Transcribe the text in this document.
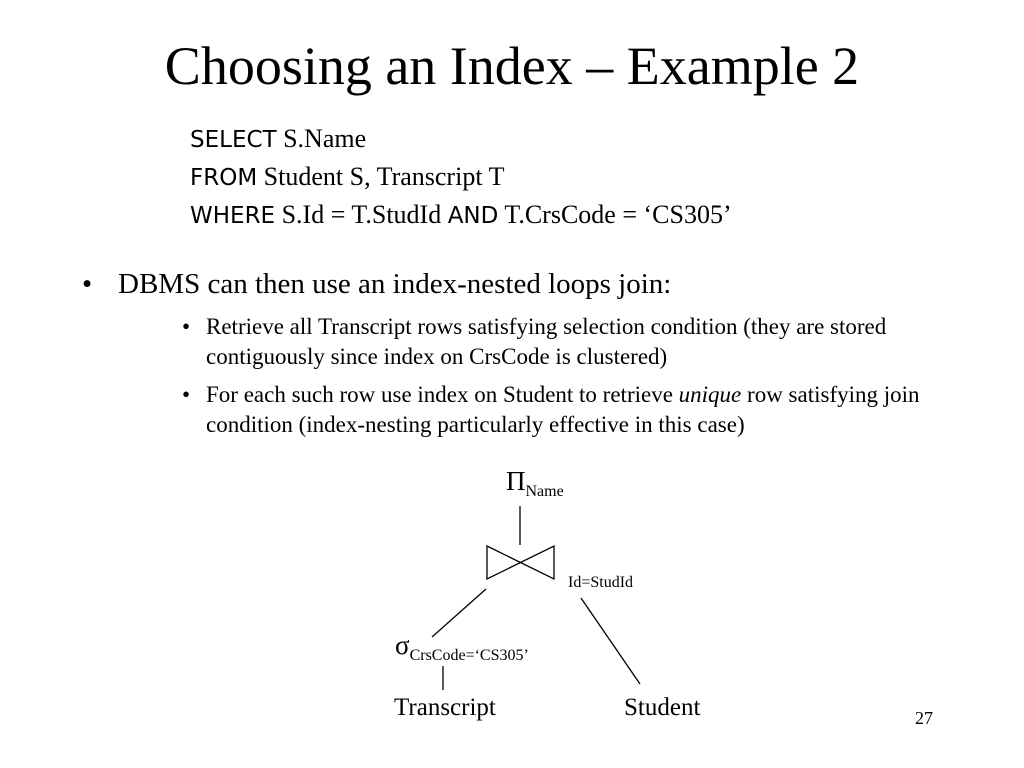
Choosing an Index – Example 2
SELECT S.Name
FROM Student S, Transcript T
WHERE S.Id = T.StudId AND T.CrsCode = ‘CS305’
• DBMS can then use an index-nested loops join:
• Retrieve all Transcript rows satisfying selection condition (they are stored contiguously since index on CrsCode is clustered)
• For each such row use index on Student to retrieve unique row satisfying join condition (index-nesting particularly effective in this case)
$\Pi_{Name}$
Id=StudId
$\sigma_{CrsCode=‘CS305’}$
Transcript	Student	27
